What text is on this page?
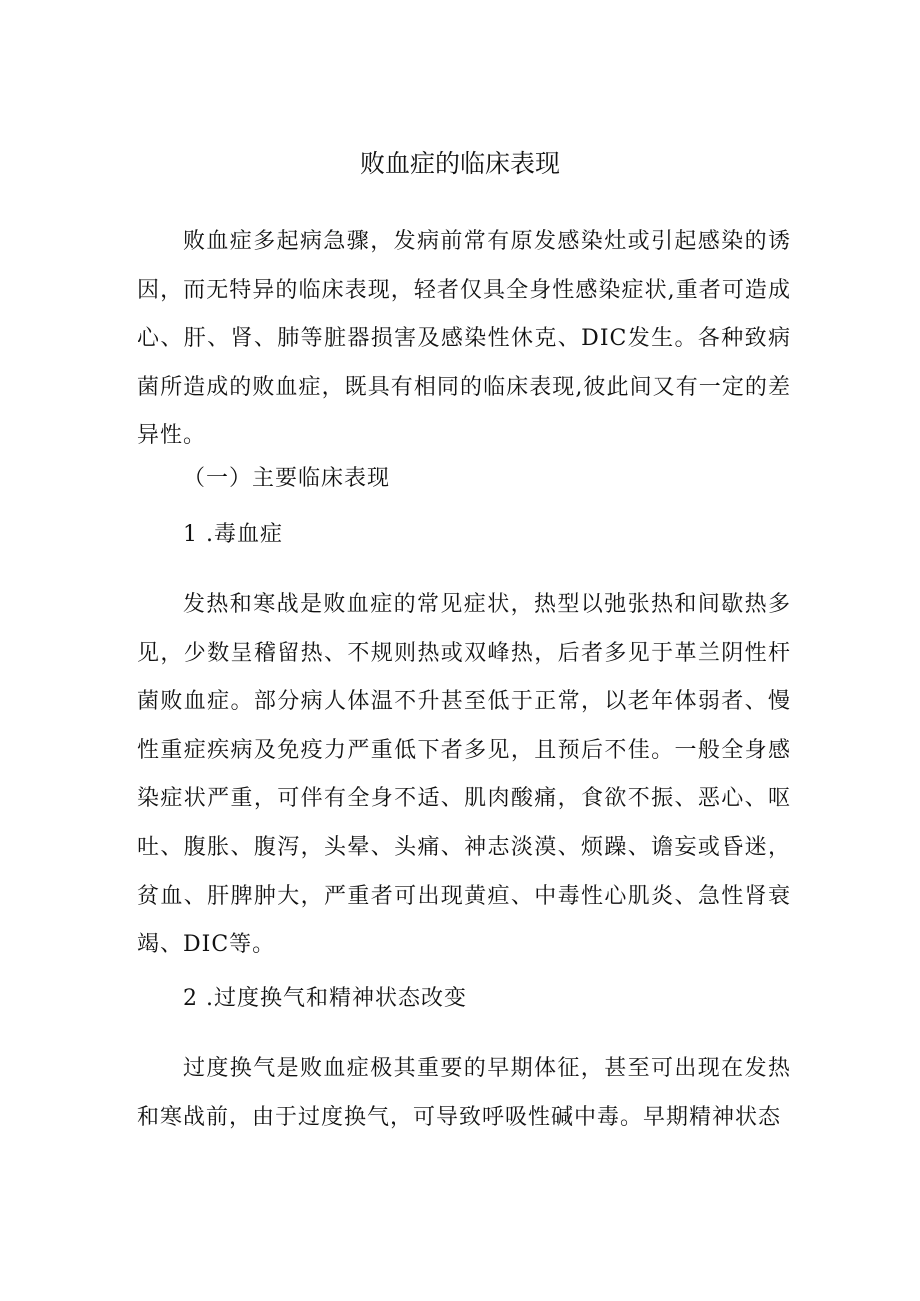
败血症的临床表现

败血症多起病急骤，发病前常有原发感染灶或引起感染的诱因，而无特异的临床表现，轻者仅具全身性感染症状,重者可造成心、肝、肾、肺等脏器损害及感染性休克、DIC发生。各种致病菌所造成的败血症，既具有相同的临床表现,彼此间又有一定的差异性。

（一）主要临床表现

1 .毒血症

发热和寒战是败血症的常见症状，热型以弛张热和间歇热多见，少数呈稽留热、不规则热或双峰热，后者多见于革兰阴性杆菌败血症。部分病人体温不升甚至低于正常，以老年体弱者、慢性重症疾病及免疫力严重低下者多见，且预后不佳。一般全身感染症状严重，可伴有全身不适、肌肉酸痛，食欲不振、恶心、呕吐、腹胀、腹泻，头晕、头痛、神志淡漠、烦躁、谵妄或昏迷，贫血、肝脾肿大，严重者可出现黄疸、中毒性心肌炎、急性肾衰竭、DIC等。

2 .过度换气和精神状态改变

过度换气是败血症极其重要的早期体征，甚至可出现在发热和寒战前，由于过度换气，可导致呼吸性碱中毒。早期精神状态
